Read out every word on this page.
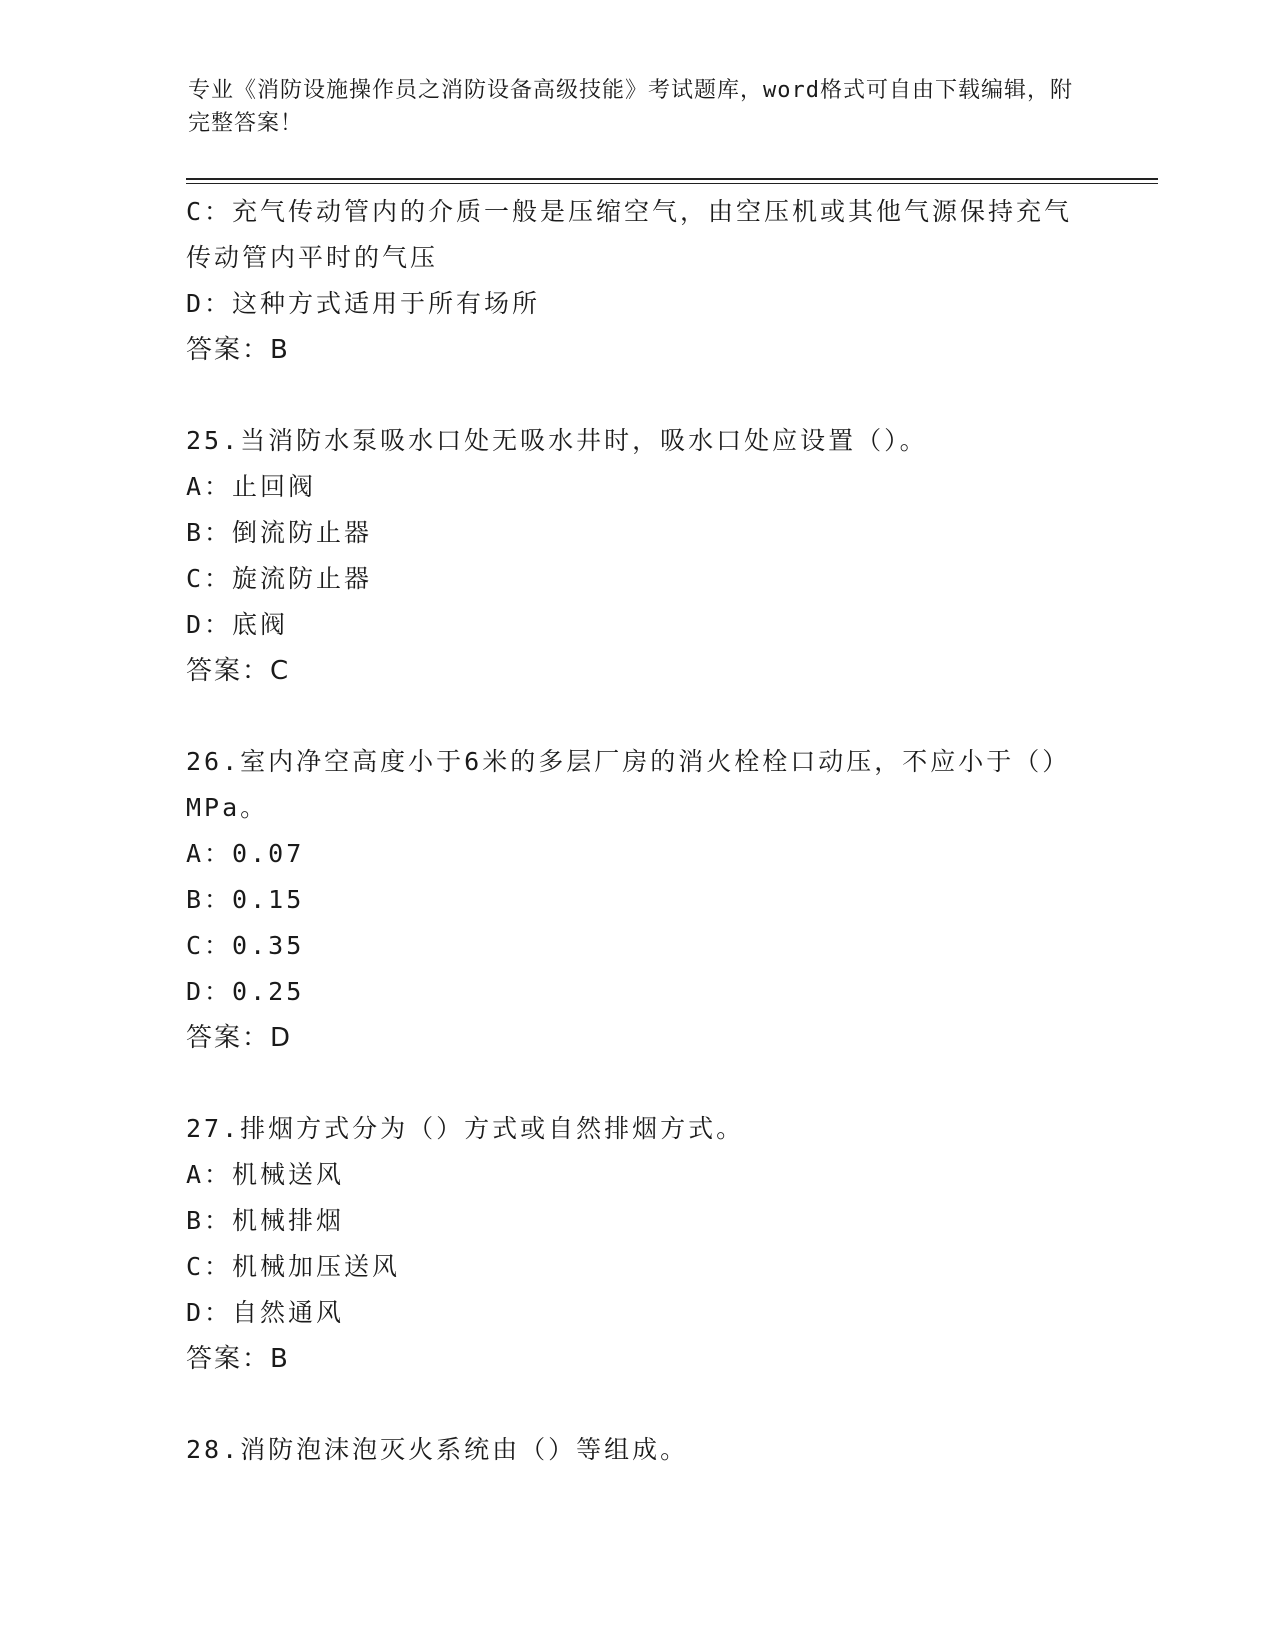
专业《消防设施操作员之消防设备高级技能》考试题库，word格式可自由下载编辑，附完整答案！
C：充气传动管内的介质一般是压缩空气，由空压机或其他气源保持充气传动管内平时的气压
D：这种方式适用于所有场所
答案：B
25.当消防水泵吸水口处无吸水井时，吸水口处应设置（）。
A：止回阀
B：倒流防止器
C：旋流防止器
D：底阀
答案：C
26.室内净空高度小于6米的多层厂房的消火栓栓口动压，不应小于（）MPa。
A：0.07
B：0.15
C：0.35
D：0.25
答案：D
27.排烟方式分为（）方式或自然排烟方式。
A：机械送风
B：机械排烟
C：机械加压送风
D：自然通风
答案：B
28.消防泡沫泡灭火系统由（）等组成。
